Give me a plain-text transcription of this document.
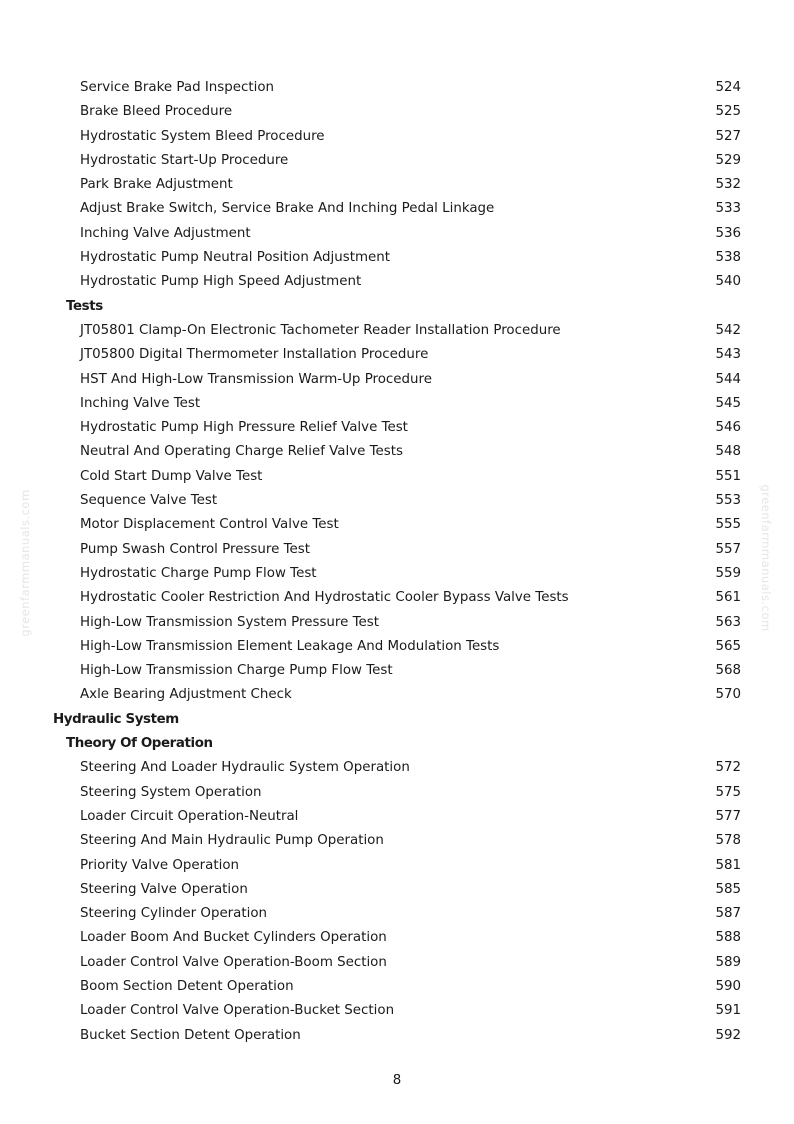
greenfarmmanuals.com	greenfarmmanuals.com
Service Brake Pad Inspection	524
Brake Bleed Procedure	525
Hydrostatic System Bleed Procedure	527
Hydrostatic Start-Up Procedure	529
Park Brake Adjustment	532
Adjust Brake Switch, Service Brake And Inching Pedal Linkage	533
Inching Valve Adjustment	536
Hydrostatic Pump Neutral Position Adjustment	538
Hydrostatic Pump High Speed Adjustment	540
Tests
JT05801 Clamp-On Electronic Tachometer Reader Installation Procedure	542
JT05800 Digital Thermometer Installation Procedure	543
HST And High-Low Transmission Warm-Up Procedure	544
Inching Valve Test	545
Hydrostatic Pump High Pressure Relief Valve Test	546
Neutral And Operating Charge Relief Valve Tests	548
Cold Start Dump Valve Test	551
Sequence Valve Test	553
Motor Displacement Control Valve Test	555
Pump Swash Control Pressure Test	557
Hydrostatic Charge Pump Flow Test	559
Hydrostatic Cooler Restriction And Hydrostatic Cooler Bypass Valve Tests	561
High-Low Transmission System Pressure Test	563
High-Low Transmission Element Leakage And Modulation Tests	565
High-Low Transmission Charge Pump Flow Test	568
Axle Bearing Adjustment Check	570
Hydraulic System
Theory Of Operation
Steering And Loader Hydraulic System Operation	572
Steering System Operation	575
Loader Circuit Operation-Neutral	577
Steering And Main Hydraulic Pump Operation	578
Priority Valve Operation	581
Steering Valve Operation	585
Steering Cylinder Operation	587
Loader Boom And Bucket Cylinders Operation	588
Loader Control Valve Operation-Boom Section	589
Boom Section Detent Operation	590
Loader Control Valve Operation-Bucket Section	591
Bucket Section Detent Operation	592
8
